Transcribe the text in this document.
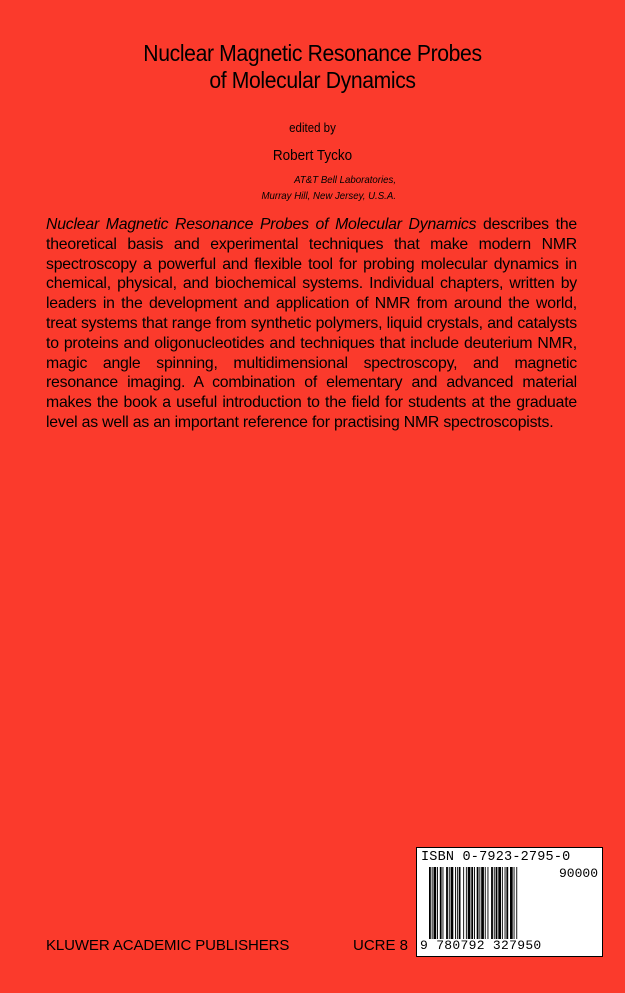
Nuclear Magnetic Resonance Probes
of Molecular Dynamics
edited by
Robert Tycko
AT&T Bell Laboratories,
Murray Hill, New Jersey, U.S.A.
Nuclear Magnetic Resonance Probes of Molecular Dynamics describes the theoretical basis and experimental techniques that make modern NMR spectroscopy a powerful and flexible tool for probing molecular dynamics in chemical, physical, and biochemical systems. Individual chapters, written by leaders in the development and application of NMR from around the world, treat systems that range from synthetic polymers, liquid crystals, and catalysts to proteins and oligonucleotides and techniques that include deuterium NMR, magic angle spinning, multidimensional spectroscopy, and magnetic resonance imaging. A combination of elementary and advanced material makes the book a useful introduction to the field for students at the graduate level as well as an important reference for practising NMR spectroscopists.
ISBN 0-7923-2795-0
90000
9 780792 327950
KLUWER ACADEMIC PUBLISHERS	UCRE 8
